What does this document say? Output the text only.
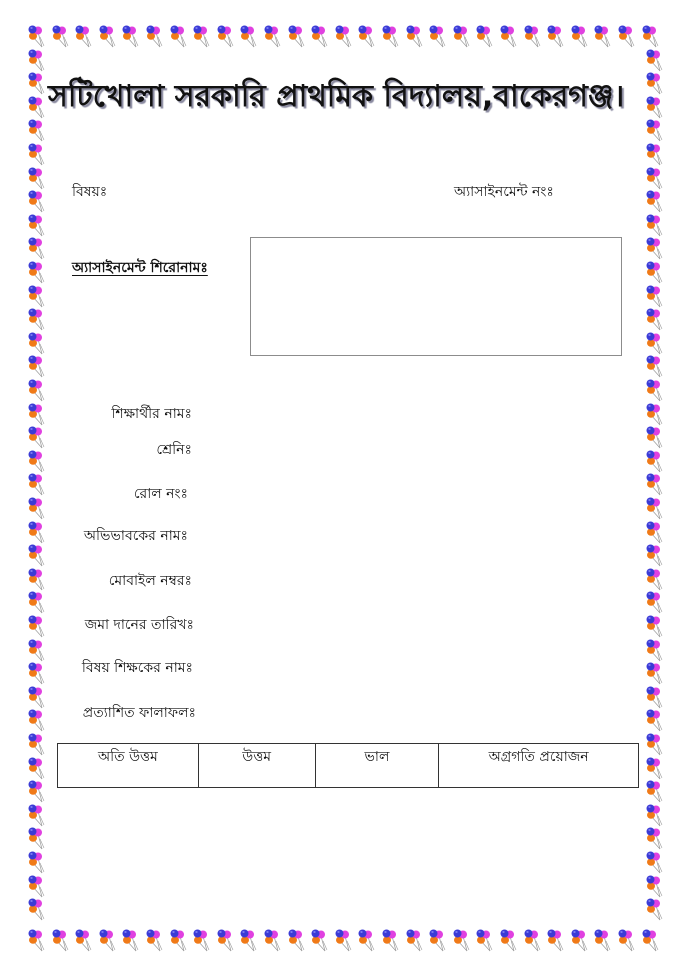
সটিখোলা সরকারি প্রাথমিক বিদ্যালয়,বাকেরগঞ্জ।
বিষয়ঃ	অ্যাসাইনমেন্ট নংঃ
অ্যাসাইনমেন্ট শিরোনামঃ
শিক্ষার্থীর নামঃ
শ্রেনিঃ
রোল নংঃ
অভিভাবকের নামঃ
মোবাইল নম্বরঃ
জমা দানের তারিখঃ
বিষয় শিক্ষকের নামঃ
প্রত্যাশিত ফালাফলঃ
অতি উত্তম	উত্তম	ভাল	অগ্রগতি প্রয়োজন
